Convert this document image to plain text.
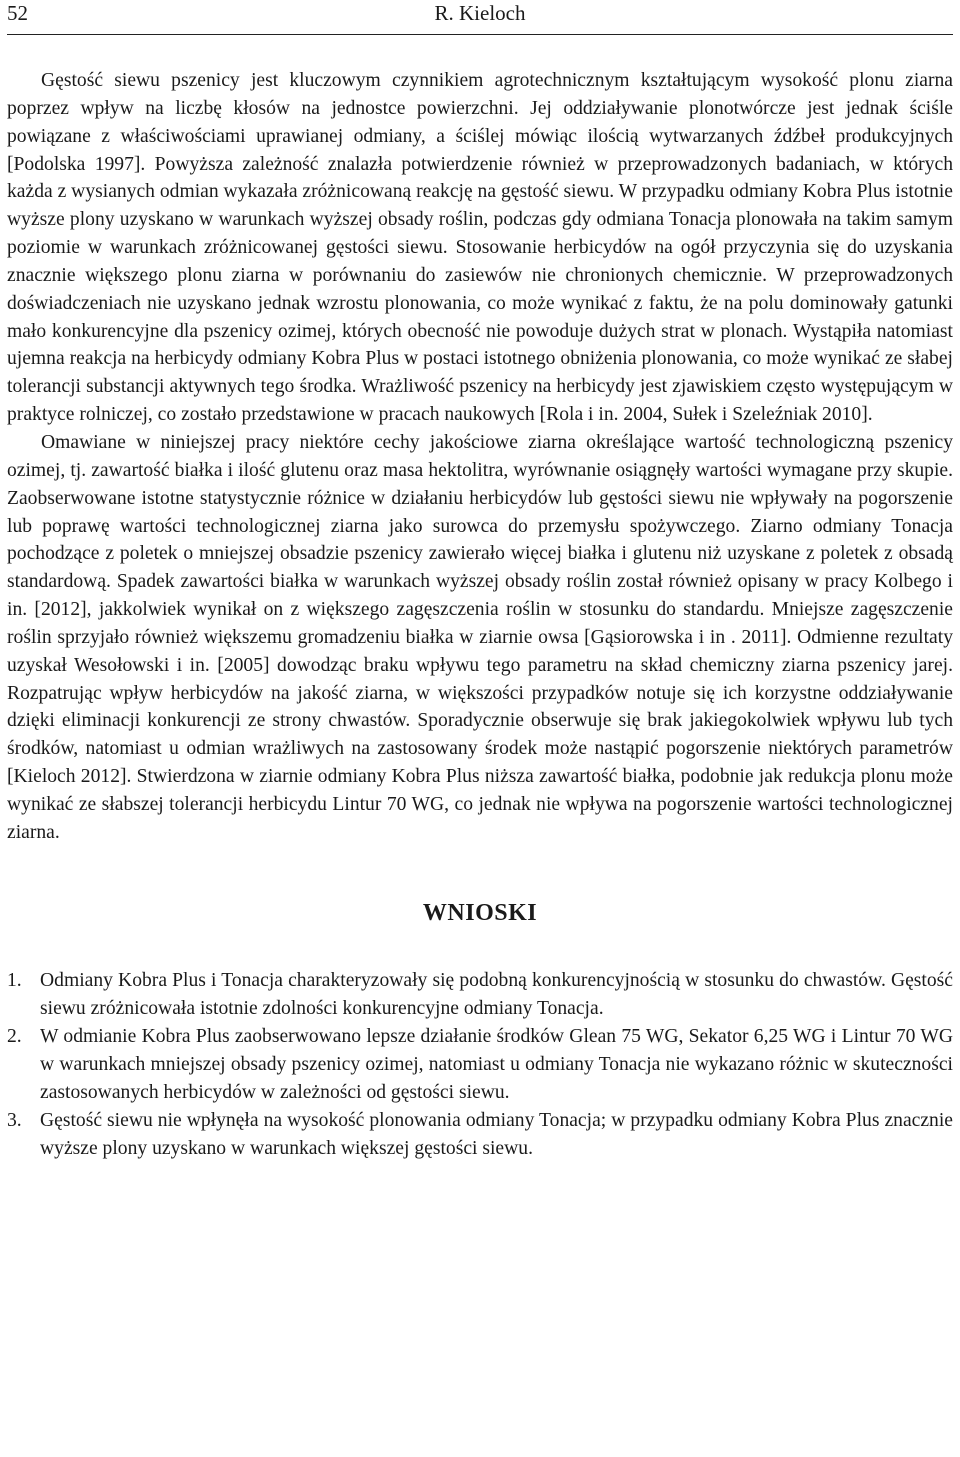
52	R. Kieloch

Gęstość siewu pszenicy jest kluczowym czynnikiem agrotechnicznym kształtującym wysokość plonu ziarna poprzez wpływ na liczbę kłosów na jednostce powierzchni. Jej oddziaływanie plonotwórcze jest jednak ściśle powiązane z właściwościami uprawianej odmiany, a ściślej mówiąc ilością wytwarzanych źdźbeł produkcyjnych [Podolska 1997]. Powyższa zależność znalazła potwierdzenie również w przeprowadzonych badaniach, w których każda z wysianych odmian wykazała zróżnicowaną reakcję na gęstość siewu. W przypadku odmiany Kobra Plus istotnie wyższe plony uzyskano w warunkach wyższej obsady roślin, podczas gdy odmiana Tonacja plonowała na takim samym poziomie w warunkach zróżnicowanej gęstości siewu. Stosowanie herbicydów na ogół przyczynia się do uzyskania znacznie większego plonu ziarna w porównaniu do zasiewów nie chronionych chemicznie. W przeprowadzonych doświadczeniach nie uzyskano jednak wzrostu plonowania, co może wynikać z faktu, że na polu dominowały gatunki mało konkurencyjne dla pszenicy ozimej, których obecność nie powoduje dużych strat w plonach. Wystąpiła natomiast ujemna reakcja na herbicydy odmiany Kobra Plus w postaci istotnego obniżenia plonowania, co może wynikać ze słabej tolerancji substancji aktywnych tego środka. Wrażliwość pszenicy na herbicydy jest zjawiskiem często występującym w praktyce rolniczej, co zostało przedstawione w pracach naukowych [Rola i in. 2004, Sułek i Szeleźniak 2010].

Omawiane w niniejszej pracy niektóre cechy jakościowe ziarna określające wartość technologiczną pszenicy ozimej, tj. zawartość białka i ilość glutenu oraz masa hektolitra, wyrównanie osiągnęły wartości wymagane przy skupie. Zaobserwowane istotne statystycznie różnice w działaniu herbicydów lub gęstości siewu nie wpływały na pogorszenie lub poprawę wartości technologicznej ziarna jako surowca do przemysłu spożywczego. Ziarno odmiany Tonacja pochodzące z poletek o mniejszej obsadzie pszenicy zawierało więcej białka i glutenu niż uzyskane z poletek z obsadą standardową. Spadek zawartości białka w warunkach wyższej obsady roślin został również opisany w pracy Kolbego i in. [2012], jakkolwiek wynikał on z większego zagęszczenia roślin w stosunku do standardu. Mniejsze zagęszczenie roślin sprzyjało również większemu gromadzeniu białka w ziarnie owsa [Gąsiorowska i in . 2011]. Odmienne rezultaty uzyskał Wesołowski i in. [2005] dowodząc braku wpływu tego parametru na skład chemiczny ziarna pszenicy jarej. Rozpatrując wpływ herbicydów na jakość ziarna, w większości przypadków notuje się ich korzystne oddziaływanie dzięki eliminacji konkurencji ze strony chwastów. Sporadycznie obserwuje się brak jakiegokolwiek wpływu lub tych środków, natomiast u odmian wrażliwych na zastosowany środek może nastąpić pogorszenie niektórych parametrów [Kieloch 2012]. Stwierdzona w ziarnie odmiany Kobra Plus niższa zawartość białka, podobnie jak redukcja plonu może wynikać ze słabszej tolerancji herbicydu Lintur 70 WG, co jednak nie wpływa na pogorszenie wartości technologicznej ziarna.

WNIOSKI
1. Odmiany Kobra Plus i Tonacja charakteryzowały się podobną konkurencyjnością w stosunku do chwastów. Gęstość siewu zróżnicowała istotnie zdolności konkurencyjne odmiany Tonacja.
2. W odmianie Kobra Plus zaobserwowano lepsze działanie środków Glean 75 WG, Sekator 6,25 WG i Lintur 70 WG w warunkach mniejszej obsady pszenicy ozimej, natomiast u odmiany Tonacja nie wykazano różnic w skuteczności zastosowanych herbicydów w zależności od gęstości siewu.
3. Gęstość siewu nie wpłynęła na wysokość plonowania odmiany Tonacja; w przypadku odmiany Kobra Plus znacznie wyższe plony uzyskano w warunkach większej gęstości siewu.
